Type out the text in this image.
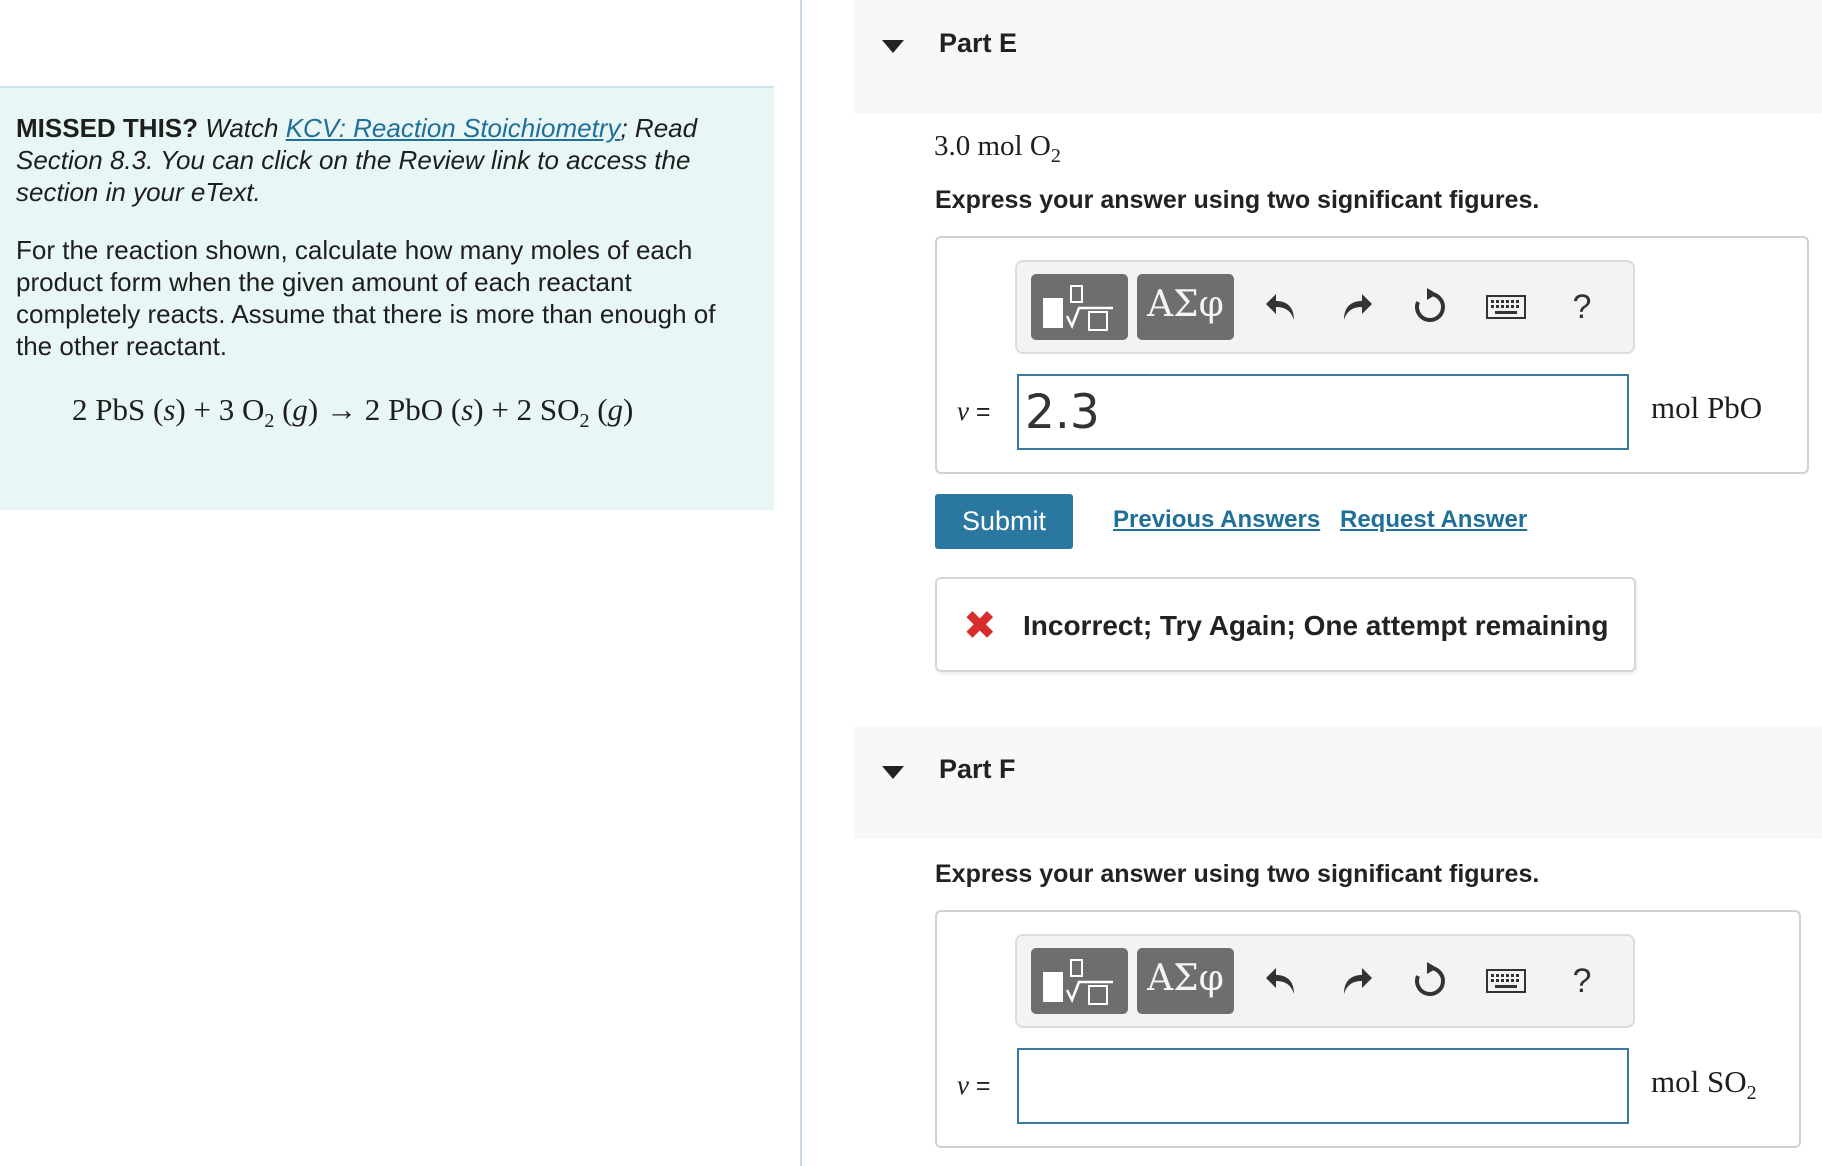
MISSED THIS? Watch KCV: Reaction Stoichiometry; Read Section 8.3. You can click on the Review link to access the section in your eText.

For the reaction shown, calculate how many moles of each product form when the given amount of each reactant completely reacts. Assume that there is more than enough of the other reactant.

2 PbS (s) + 3 $O_2$ (g) → 2 PbO (s) + 2 $SO_2$ (g)
Part E
3.0 mol $O_2$
Express your answer using two significant figures.
ΑΣφ	?
ν =
2.3	mol PbO
Submit	Previous Answers Request Answer
✖ Incorrect; Try Again; One attempt remaining
Part F
Express your answer using two significant figures.
ΑΣφ	?
ν =	mol $SO_2$
